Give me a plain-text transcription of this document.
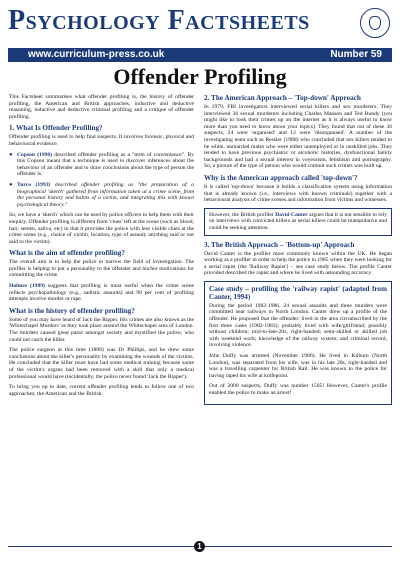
Psychology Factsheets
www.curriculum-press.co.uk	Number 59
Offender Profiling

This Factsheet summarises what offender profiling is, the history of offender profiling, the American and British approaches, inductive and deductive reasoning, inductive and deductive criminal profiling and a critique of offender profiling.

1. What Is Offender Profiling?

Offender profiling is used to help find suspects. It involves forensic, physical and behavioural evidence.

● Copson (1996) described offender profiling as a "term of convenience". By this Copson meant that a technique is used to discover inferences about the behaviour of an offender and to draw conclusions about the type of person the offender is.
● Turco (1993) described offender profiling as "the preparation of a biographical 'sketch' gathered from information taken at a crime scene, from the personal history and habits of a victim, and integrating this with known psychological theory."

So, we have a 'sketch' which can be used by police officers to help them with their enquiry. Offender profiling is different from 'clues' left at the scene (such as blood, hair, semen, saliva, etc) in that it provides the police with less visible clues at the crime scene (e.g., choice of victim, location, type of assault, anything said or not said to the victim).

What is the aim of offender profiling?

The overall aim is to help the police to narrow the field of investigation. The profiler is helping to put a personality to the offender and his/her motivations for committing the crime.

Holmes (1989) suggests that profiling is most useful when the crime scene reflects psychopathology (e.g., sadistic assaults) and 90 per cent of profiling attempts involve murder or rape.

What is the history of offender profiling?

Some of you may have heard of Jack the Ripper. His crimes are also known as the 'Whitechapel Murders' as they took place around the Whitechapel area of London. The murders caused great panic amongst society and mystified the police, who could not catch the killer.

The police surgeon at this time (1888) was Dr Phillips, and he drew some conclusions about the killer's personality by examining the wounds of the victims. He concluded that the killer must have had some medical training because some of the victim's organs had been removed with a skill that only a medical professional would have (incidentally, the police never found 'Jack the Ripper').

To bring you up to date, current offender profiling tends to follow one of two approaches; the American and the British.

2. The American Approach – 'Top-down' Approach

In 1979, FBI investigators interviewed serial killers and sex murderers. They interviewed 36 sexual murderers including Charles Manson and Ted Bundy (you might like to look their crimes up on the internet as it is always useful to know more than you need to know about your topics). They found that out of these 36 suspects, 24 were 'organised' and 12 were 'disorganised'. A number of the investigating team such as Ressler (1988) who concluded that sex killers tended to be white, unmarried males who were either unemployed or in unskilled jobs. They tended to have previous psychiatric or alcoholic histories, dysfunctional family backgrounds and had a sexual interest in voyeurism, fetishism and pornography. So, a picture of the type of person who would commit such crimes was built up.

Why is the American approach called 'top-down'?

It is called 'top-down' because it builds a classification system using information that is already known (i.e., interviews with known criminals) together with a behavioural analysis of crime scenes and information from victims and witnesses.

However, the British profiler David Canter argues that it is not sensible to rely on interviews with convicted killers as serial killers could be manipulative and could be seeking attention.
3. The British Approach – 'Bottom-up' Approach

David Canter is the profiler most commonly known within the UK. He began working as a profiler in order to help the police in 1985 when they were looking for a serial rapist (the 'Railway Rapist') – see case study below. The profile Canter provided described the rapist and where he lived with astounding accuracy.

Case study – profiling the 'railway rapist' (adapted from Canter, 1994)

During the period 1982-1986, 24 sexual assaults and three murders were committed near railways in North London. Canter drew up a profile of the offender. He proposed that the offender: lived in the area circumscribed by the first three cases (1982-1983); probably lived with wife/girlfriend; possibly without children; mid-to-late-20s; right-handed; semi-skilled or skilled job with weekend work; knowledge of the railway system; and criminal record, involving violence.

John Duffy was arrested (November 1986). He lived in Kilburn (North London), was separated from his wife, was in his late 20s, right-handed and was a travelling carpenter for British Rail. He was known to the police for having raped his wife at knifepoint.

Out of 2000 suspects, Duffy was number 1505! However, Canter's profile enabled the police to make an arrest!

1
